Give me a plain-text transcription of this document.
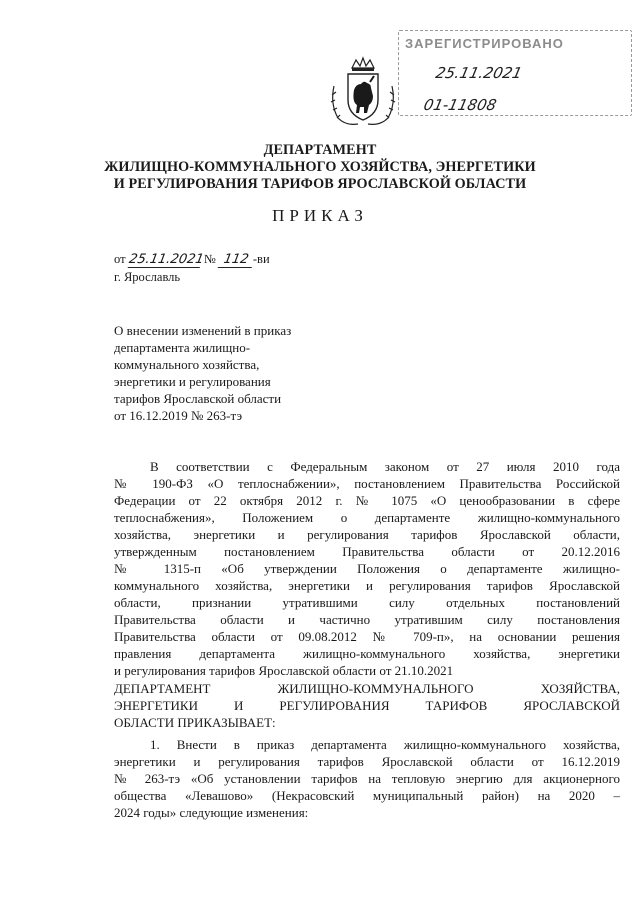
ЗАРЕГИСТРИРОВАНО
25.11.2021
01-11808
ДЕПАРТАМЕНТ
ЖИЛИЩНО-КОММУНАЛЬНОГО ХОЗЯЙСТВА, ЭНЕРГЕТИКИ
И РЕГУЛИРОВАНИЯ ТАРИФОВ ЯРОСЛАВСКОЙ ОБЛАСТИ
ПРИКАЗ
от 25.11.2021 № 112 -ви
г. Ярославль
О внесении изменений в приказ
департамента жилищно-
коммунального хозяйства,
энергетики и регулирования
тарифов Ярославской области
от 16.12.2019 № 263-тэ
В соответствии с Федеральным законом от 27 июля 2010 года
№ 190-ФЗ «О теплоснабжении», постановлением Правительства Российской
Федерации от 22 октября 2012 г. № 1075 «О ценообразовании в сфере
теплоснабжения», Положением о департаменте жилищно-коммунального
хозяйства, энергетики и регулирования тарифов Ярославской области,
утвержденным постановлением Правительства области от 20.12.2016
№ 1315-п «Об утверждении Положения о департаменте жилищно-
коммунального хозяйства, энергетики и регулирования тарифов Ярославской
области, признании утратившими силу отдельных постановлений
Правительства области и частично утратившим силу постановления
Правительства области от 09.08.2012 № 709-п», на основании решения
правления департамента жилищно-коммунального хозяйства, энергетики
и регулирования тарифов Ярославской области от 21.10.2021
ДЕПАРТАМЕНТ ЖИЛИЩНО-КОММУНАЛЬНОГО ХОЗЯЙСТВА,
ЭНЕРГЕТИКИ И РЕГУЛИРОВАНИЯ ТАРИФОВ ЯРОСЛАВСКОЙ
ОБЛАСТИ ПРИКАЗЫВАЕТ:
1. Внести в приказ департамента жилищно-коммунального хозяйства,
энергетики и регулирования тарифов Ярославской области от 16.12.2019
№ 263-тэ «Об установлении тарифов на тепловую энергию для акционерного
общества «Левашово» (Некрасовский муниципальный район) на 2020 –
2024 годы» следующие изменения:
